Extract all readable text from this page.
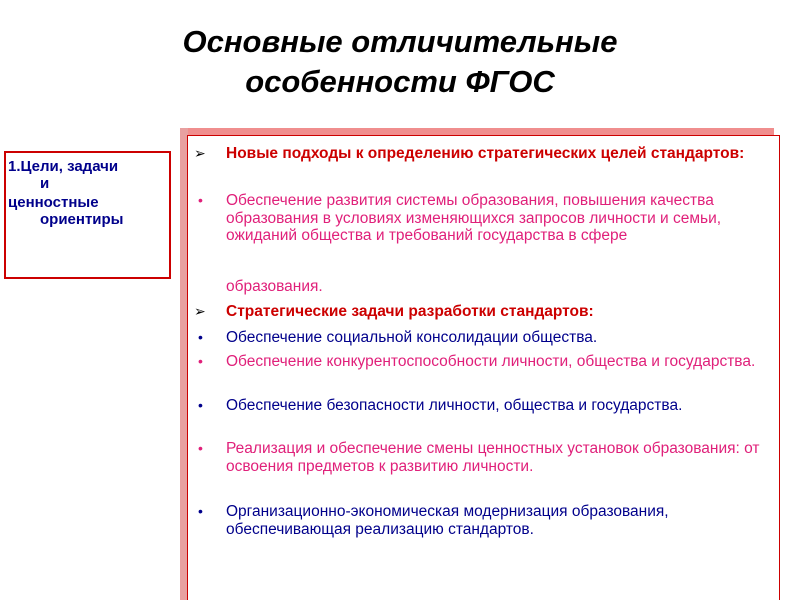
Основные отличительные
особенности ФГОС
1.Цели, задачи
и
ценностные
ориентиры
➢	Новые подходы к определению стратегических целей стандартов:
•	Обеспечение развития системы образования, повышения качества образования в условиях изменяющихся запросов личности и семьи, ожиданий общества и требований государства в сфере
образования.
➢	Стратегические задачи разработки стандартов:
•	Обеспечение социальной консолидации общества.
•	Обеспечение конкурентоспособности личности, общества и государства.
•	Обеспечение безопасности личности, общества и государства.
•	Реализация и обеспечение смены ценностных установок образования: от освоения предметов к развитию личности.
•	Организационно-экономическая модернизация образования, обеспечивающая реализацию стандартов.
